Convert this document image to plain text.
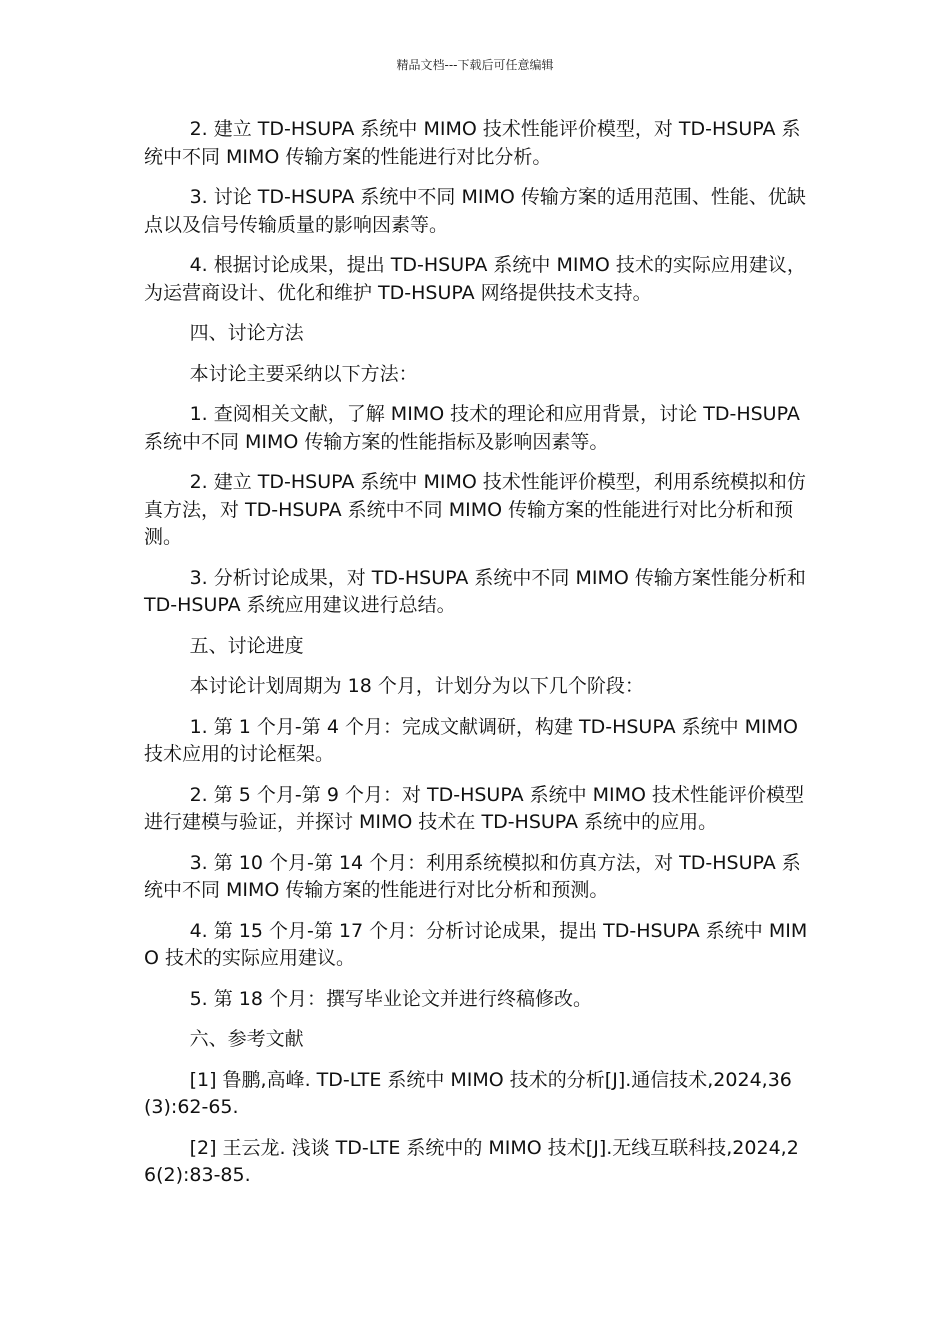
精品文档---下载后可任意编辑

2. 建立 TD-HSUPA 系统中 MIMO 技术性能评价模型，对 TD-HSUPA 系统中不同 MIMO 传输方案的性能进行对比分析。

3. 讨论 TD-HSUPA 系统中不同 MIMO 传输方案的适用范围、性能、优缺点以及信号传输质量的影响因素等。

4. 根据讨论成果，提出 TD-HSUPA 系统中 MIMO 技术的实际应用建议，为运营商设计、优化和维护 TD-HSUPA 网络提供技术支持。

四、讨论方法

本讨论主要采纳以下方法：

1. 查阅相关文献，了解 MIMO 技术的理论和应用背景，讨论 TD-HSUPA 系统中不同 MIMO 传输方案的性能指标及影响因素等。

2. 建立 TD-HSUPA 系统中 MIMO 技术性能评价模型，利用系统模拟和仿真方法，对 TD-HSUPA 系统中不同 MIMO 传输方案的性能进行对比分析和预测。

3. 分析讨论成果，对 TD-HSUPA 系统中不同 MIMO 传输方案性能分析和 TD-HSUPA 系统应用建议进行总结。

五、讨论进度

本讨论计划周期为 18 个月，计划分为以下几个阶段：

1. 第 1 个月-第 4 个月：完成文献调研，构建 TD-HSUPA 系统中 MIMO 技术应用的讨论框架。

2. 第 5 个月-第 9 个月：对 TD-HSUPA 系统中 MIMO 技术性能评价模型进行建模与验证，并探讨 MIMO 技术在 TD-HSUPA 系统中的应用。

3. 第 10 个月-第 14 个月：利用系统模拟和仿真方法，对 TD-HSUPA 系统中不同 MIMO 传输方案的性能进行对比分析和预测。

4. 第 15 个月-第 17 个月：分析讨论成果，提出 TD-HSUPA 系统中 MIMO 技术的实际应用建议。

5. 第 18 个月：撰写毕业论文并进行终稿修改。

六、参考文献

[1] 鲁鹏,高峰. TD-LTE 系统中 MIMO 技术的分析[J].通信技术,2024,36(3):62-65.

[2] 王云龙. 浅谈 TD-LTE 系统中的 MIMO 技术[J].无线互联科技,2024,26(2):83-85.
